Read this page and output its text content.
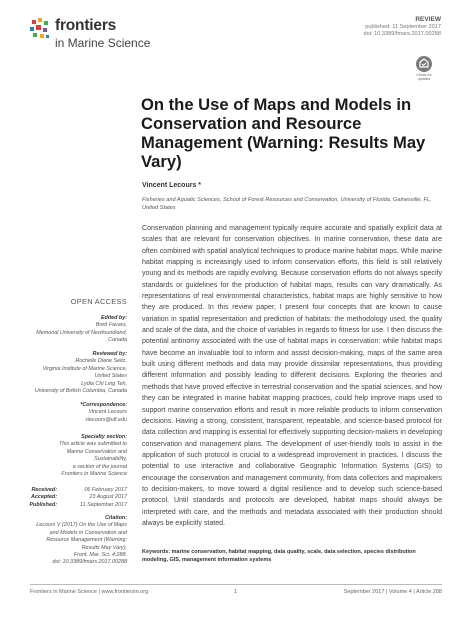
frontiers
in Marine Science
REVIEW
published: 11 September 2017
doi: 10.3389/fmars.2017.00288
Check for updates
On the Use of Maps and Models in Conservation and Resource Management (Warning: Results May Vary)
Vincent Lecours *
Fisheries and Aquatic Sciences, School of Forest Resources and Conservation, University of Florida, Gainesville, FL, United States

Conservation planning and management typically require accurate and spatially explicit data at scales that are relevant for conservation objectives. In marine conservation, these data are often combined with spatial analytical techniques to produce marine habitat maps. While marine habitat mapping is increasingly used to inform conservation efforts, this field is still relatively young and its methods are rapidly evolving. Because conservation efforts do not always specify standards or guidelines for the production of habitat maps, results can vary dramatically. As representations of real environmental characteristics, habitat maps are highly sensitive to how they are produced. In this review paper, I present four concepts that are known to cause variation in spatial representation and prediction of habitats: the methodology used, the quality and scale of the data, and the choice of variables in regards to fitness for use. I then discuss the potential antinomy associated with the use of habitat maps in conservation: while habitat maps have become an invaluable tool to inform and assist decision-making, maps of the same area built using different methods and data may provide dissimilar representations, thus providing different information and possibly leading to different decisions. Exploring the theories and methods that have proved effective in terrestrial conservation and the spatial sciences, and how they can be integrated in marine habitat mapping practices, could help improve maps used to support marine conservation efforts and result in more reliable products to inform conservation decisions. Having a strong, consistent, transparent, repeatable, and science-based protocol for data collection and mapping is essential for effectively supporting decision-makers in developing conservation and management plans. The development of user-friendly tools to assist in the application of such protocol is crucial to a widespread improvement in practices. I discuss the potential to use interactive and collaborative Geographic Information Systems (GIS) to encourage the conservation and management community, from data collectors and mapmakers to decision-makers, to move toward a digital resilience and to develop such science-based protocol. Until standards and protocols are developed, habitat maps should always be interpreted with care, and the methods and metadata associated with their production should always be explicitly stated.

Keywords: marine conservation, habitat mapping, data quality, scale, data selection, species distribution modeling, GIS, management information systems

OPEN ACCESS
Edited by:
Brett Favaro,
Memorial University of Newfoundland,
Canada
Reviewed by:
Rochelle Diane Seitz,
Virginia Institute of Marine Science,
United States
Lydia Chi Ling Teh,
University of British Columbia, Canada
*Correspondence:
Vincent Lecours
vlecours@ufl.edu
Specialty section:
This article was submitted to
Marine Conservation and
Sustainability,
a section of the journal
Frontiers in Marine Science
Received:	06 February 2017
Accepted:	23 August 2017
Published:	11 September 2017
Citation:
Lecours V (2017) On the Use of Maps
and Models in Conservation and
Resource Management (Warning:
Results May Vary).
Front. Mar. Sci. 4:288.
doi: 10.3389/fmars.2017.00288
Frontiers in Marine Science | www.frontiersin.org	1	September 2017 | Volume 4 | Article 288
